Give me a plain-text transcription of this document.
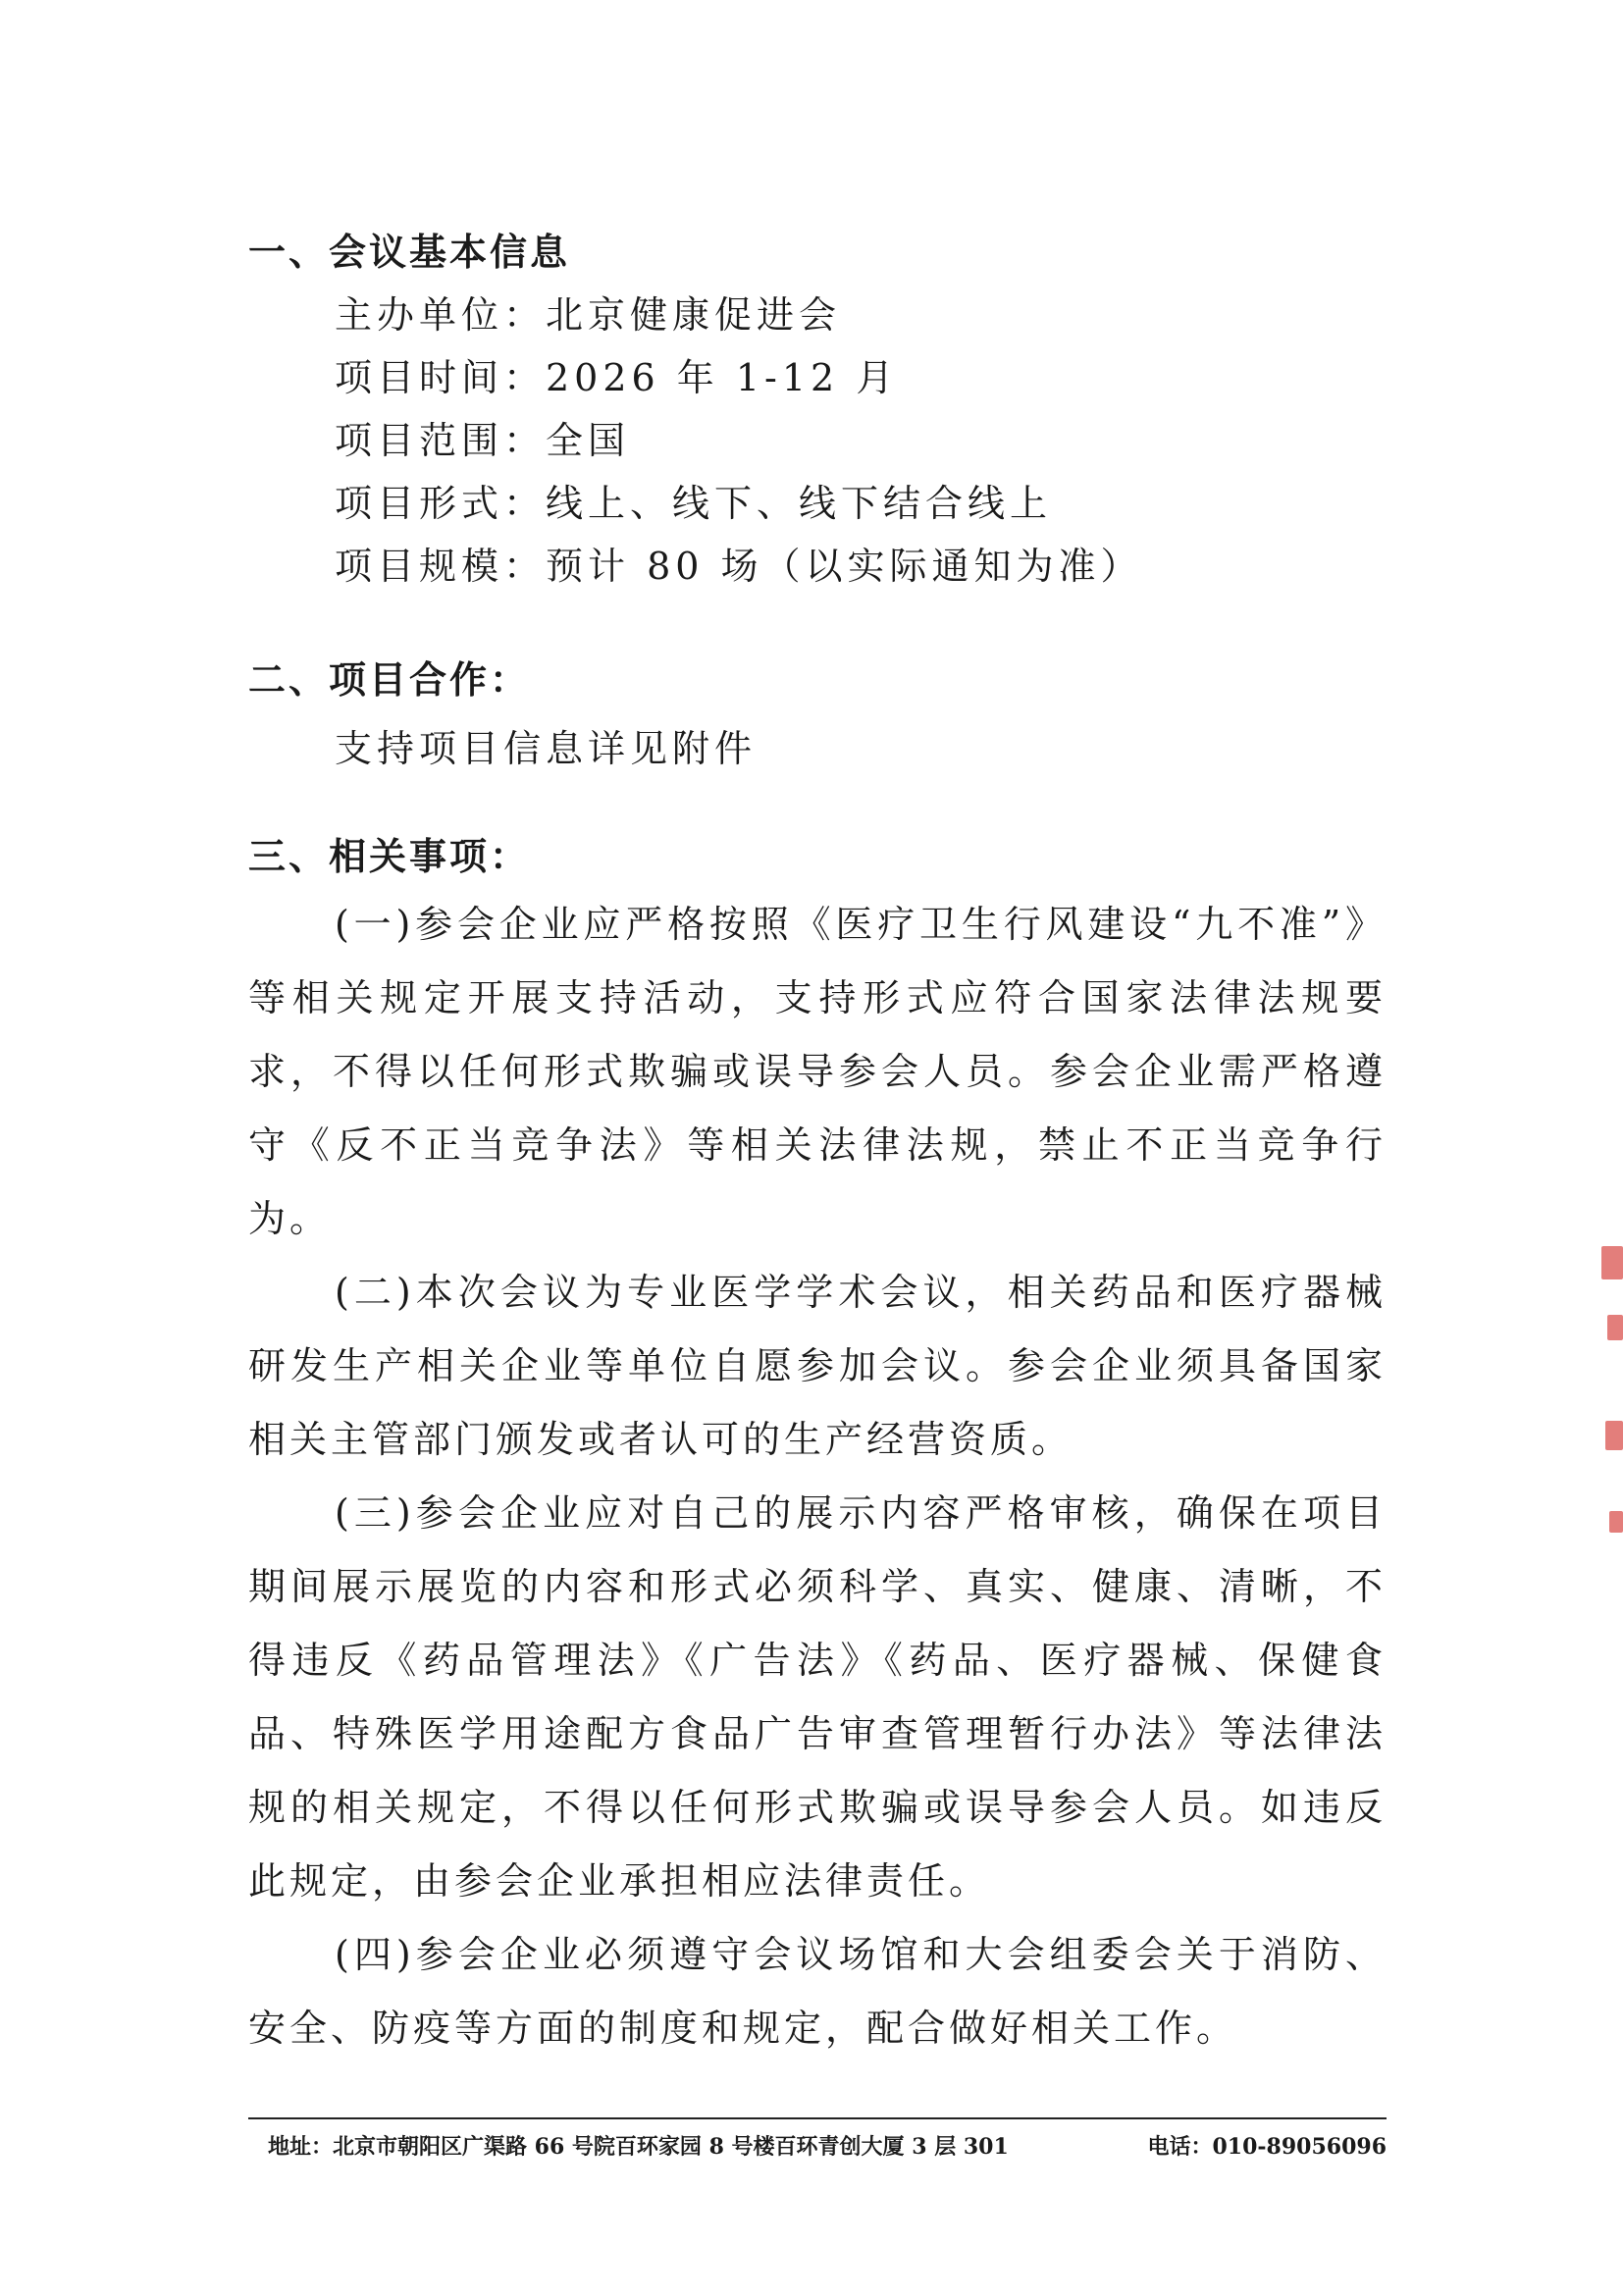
一、会议基本信息

主办单位：北京健康促进会

项目时间：2026 年 1-12 月

项目范围：全国

项目形式：线上、线下、线下结合线上

项目规模：预计 80 场（以实际通知为准）

二、项目合作：

支持项目信息详见附件

三、相关事项：

(一)参会企业应严格按照《医疗卫生行风建设“九不准”》等相关规定开展支持活动，支持形式应符合国家法律法规要求，不得以任何形式欺骗或误导参会人员。参会企业需严格遵守《反不正当竞争法》等相关法律法规，禁止不正当竞争行为。

(二)本次会议为专业医学学术会议，相关药品和医疗器械研发生产相关企业等单位自愿参加会议。参会企业须具备国家相关主管部门颁发或者认可的生产经营资质。

(三)参会企业应对自己的展示内容严格审核，确保在项目期间展示展览的内容和形式必须科学、真实、健康、清晰，不得违反《药品管理法》《广告法》《药品、医疗器械、保健食品、特殊医学用途配方食品广告审查管理暂行办法》等法律法规的相关规定，不得以任何形式欺骗或误导参会人员。如违反此规定，由参会企业承担相应法律责任。

(四)参会企业必须遵守会议场馆和大会组委会关于消防、 安全、防疫等方面的制度和规定，配合做好相关工作。

地址：北京市朝阳区广渠路 66 号院百环家园 8 号楼百环青创大厦 3 层 301	电话：010-89056096
